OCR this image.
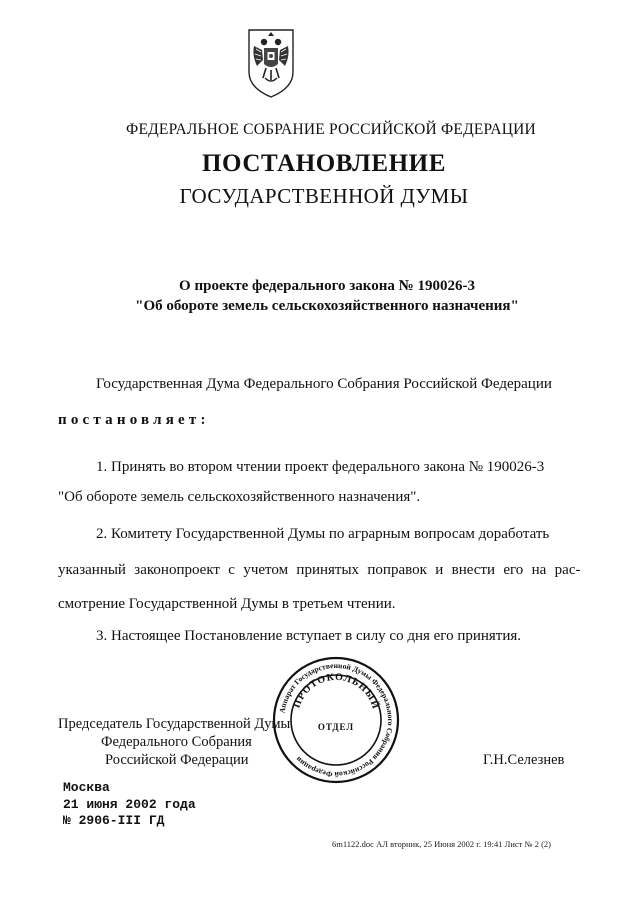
ФЕДЕРАЛЬНОЕ СОБРАНИЕ РОССИЙСКОЙ ФЕДЕРАЦИИ
ПОСТАНОВЛЕНИЕ
ГОСУДАРСТВЕННОЙ ДУМЫ
О проекте федерального закона № 190026-3
"Об обороте земель сельскохозяйственного назначения"
Государственная Дума Федерального Собрания Российской Федерации
постановляет:
1. Принять во втором чтении проект федерального закона № 190026-3
"Об обороте земель сельскохозяйственного назначения".
2. Комитету Государственной Думы по аграрным вопросам доработать
указанный законопроект с учетом принятых поправок и внести его на рас-
смотрение Государственной Думы в третьем чтении.
3. Настоящее Постановление вступает в силу со дня его принятия.
Председатель Государственной Думы
Федерального Собрания
Российской Федерации	Г.Н.Селезнев
Аппарат Государственной Думы Федерального Собрания Российской Федерации
ПРОТОКОЛЬНЫЙ
ОТДЕЛ
Москва
21 июня 2002 года
№ 2906-III ГД
6m1122.doc АЛ вторник, 25 Июня 2002 г. 19:41 Лист № 2 (2)
